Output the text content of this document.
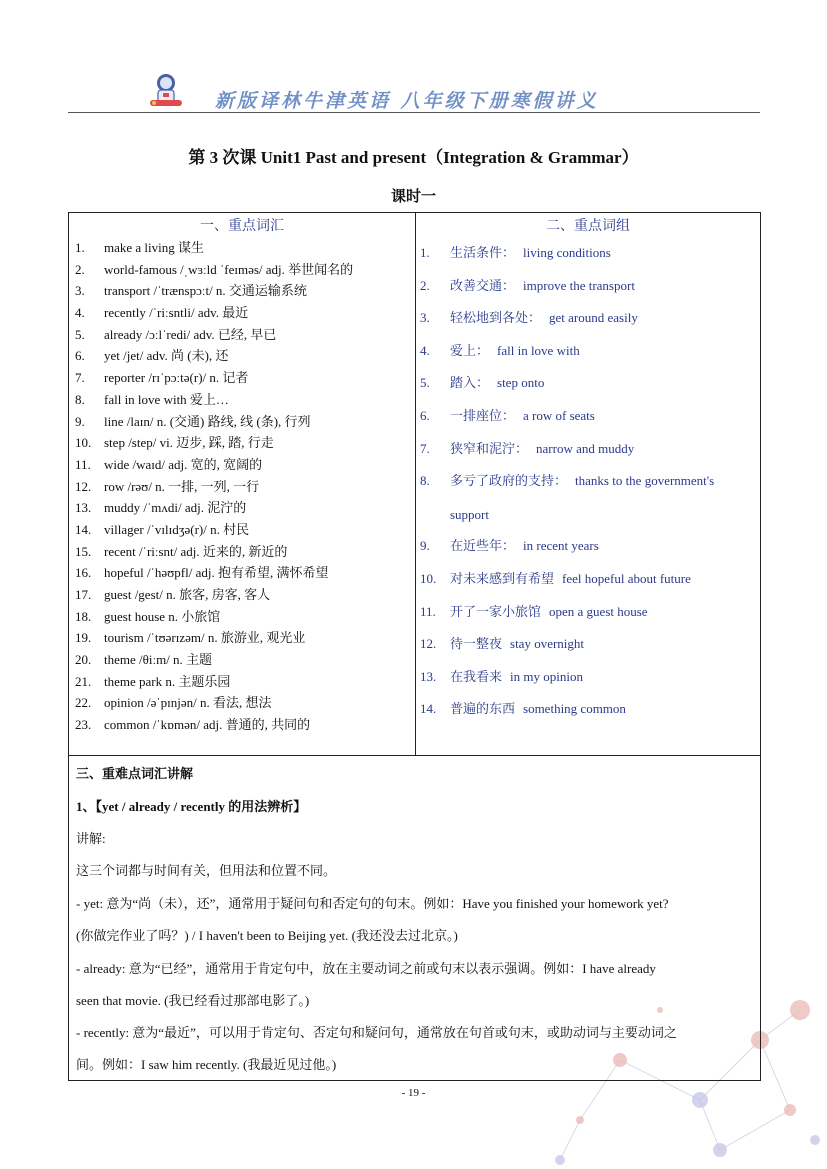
新版译林牛津英语 八年级下册寒假讲义
第 3 次课 Unit1 Past and present（Integration & Grammar）
课时一
一、重点词汇	二、重点词组
1. make a living 谋生
2. world-famous /ˌwɜːld ˈfeɪməs/ adj. 举世闻名的
3. transport /ˈtrænspɔːt/ n. 交通运输系统
4. recently /ˈriːsntli/ adv. 最近
5. already /ɔːlˈredi/ adv. 已经, 早已
6. yet /jet/ adv. 尚 (未), 还
7. reporter /rɪˈpɔːtə(r)/ n. 记者
8. fall in love with 爱上…
9. line /laɪn/ n. (交通) 路线, 线 (条), 行列
10. step /step/ vi. 迈步, 踩, 踏, 行走
11. wide /waɪd/ adj. 宽的, 宽阔的
12. row /rəʊ/ n. 一排, 一列, 一行
13. muddy /ˈmʌdi/ adj. 泥泞的
14. villager /ˈvɪlɪdʒə(r)/ n. 村民
15. recent /ˈriːsnt/ adj. 近来的, 新近的
16. hopeful /ˈhəʊpfl/ adj. 抱有希望, 满怀希望
17. guest /gest/ n. 旅客, 房客, 客人
18. guest house n. 小旅馆
19. tourism /ˈtʊərɪzəm/ n. 旅游业, 观光业
20. theme /θiːm/ n. 主题
21. theme park n. 主题乐园
22. opinion /əˈpɪnjən/ n. 看法, 想法
23. common /ˈkɒmən/ adj. 普通的, 共同的
1. 生活条件： living conditions
2. 改善交通： improve the transport
3. 轻松地到各处： get around easily
4. 爱上： fall in love with
5. 踏入： step onto
6. 一排座位： a row of seats
7. 狭窄和泥泞： narrow and muddy
8. 多亏了政府的支持： thanks to the government's
support
9. 在近些年： in recent years
10. 对未来感到有希望 feel hopeful about future
11. 开了一家小旅馆 open a guest house
12. 待一整夜 stay overnight
13. 在我看来 in my opinion
14. 普遍的东西 something common
三、重难点词汇讲解
1、【yet / already / recently 的用法辨析】
讲解:
这三个词都与时间有关，但用法和位置不同。
- yet: 意为“尚（未），还”，通常用于疑问句和否定句的句末。例如：Have you finished your homework yet?
(你做完作业了吗？) / I haven't been to Beijing yet. (我还没去过北京。)
- already: 意为“已经”，通常用于肯定句中，放在主要动词之前或句末以表示强调。例如：I have already
seen that movie. (我已经看过那部电影了。)
- recently: 意为“最近”，可以用于肯定句、否定句和疑问句，通常放在句首或句末，或助动词与主要动词之
间。例如：I saw him recently. (我最近见过他。)
- 19 -
